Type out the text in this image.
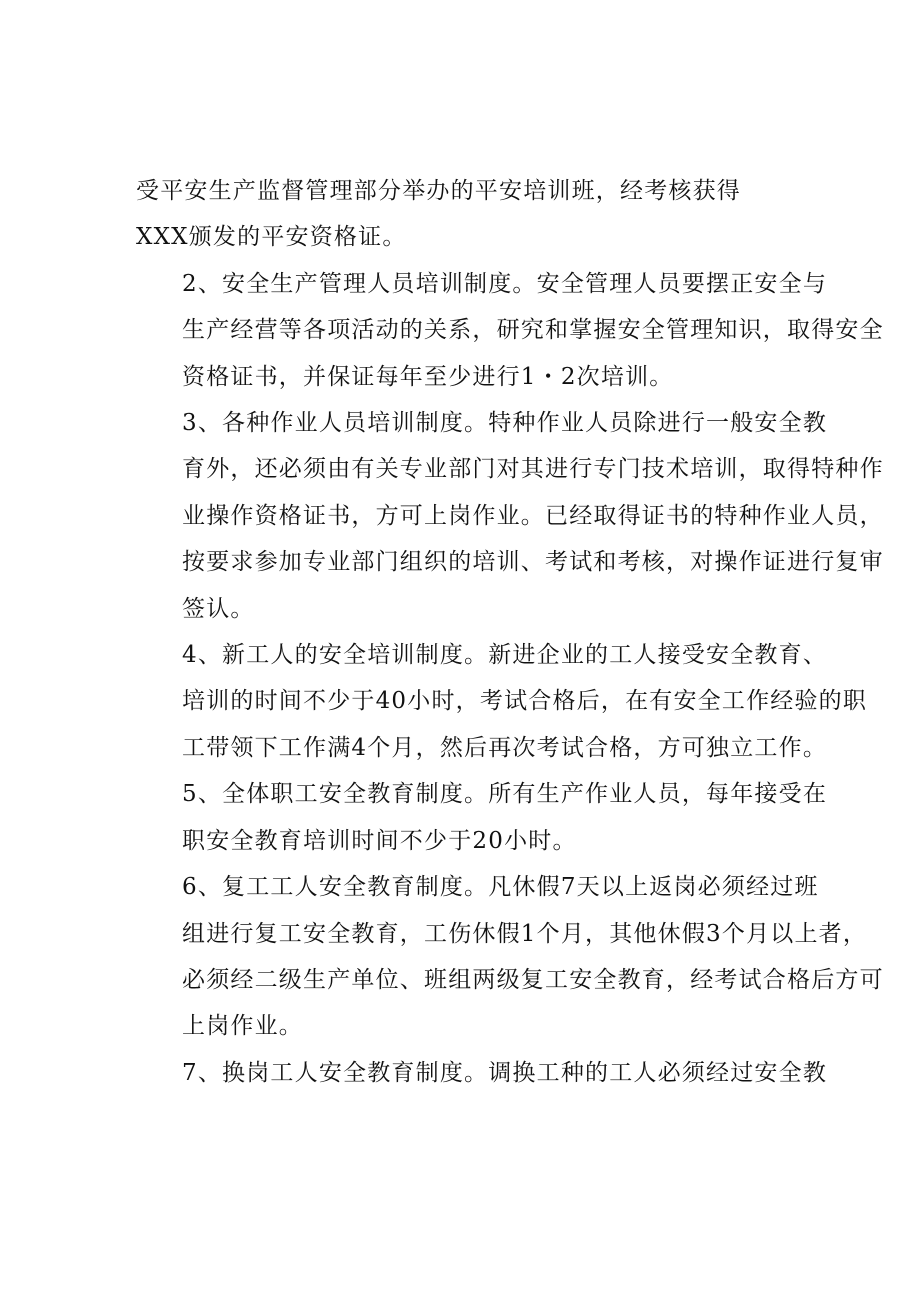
受平安生产监督管理部分举办的平安培训班，经考核获得
XXX颁发的平安资格证。

2、安全生产管理人员培训制度。安全管理人员要摆正安全与
生产经营等各项活动的关系，研究和掌握安全管理知识，取得安全
资格证书，并保证每年至少进行1・2次培训。

3、各种作业人员培训制度。特种作业人员除进行一般安全教
育外，还必须由有关专业部门对其进行专门技术培训，取得特种作
业操作资格证书，方可上岗作业。已经取得证书的特种作业人员，
按要求参加专业部门组织的培训、考试和考核，对操作证进行复审
签认。

4、新工人的安全培训制度。新进企业的工人接受安全教育、
培训的时间不少于40小时，考试合格后，在有安全工作经验的职
工带领下工作满4个月，然后再次考试合格，方可独立工作。

5、全体职工安全教育制度。所有生产作业人员，每年接受在
职安全教育培训时间不少于20小时。

6、复工工人安全教育制度。凡休假7天以上返岗必须经过班
组进行复工安全教育，工伤休假1个月，其他休假3个月以上者，
必须经二级生产单位、班组两级复工安全教育，经考试合格后方可
上岗作业。

7、换岗工人安全教育制度。调换工种的工人必须经过安全教
